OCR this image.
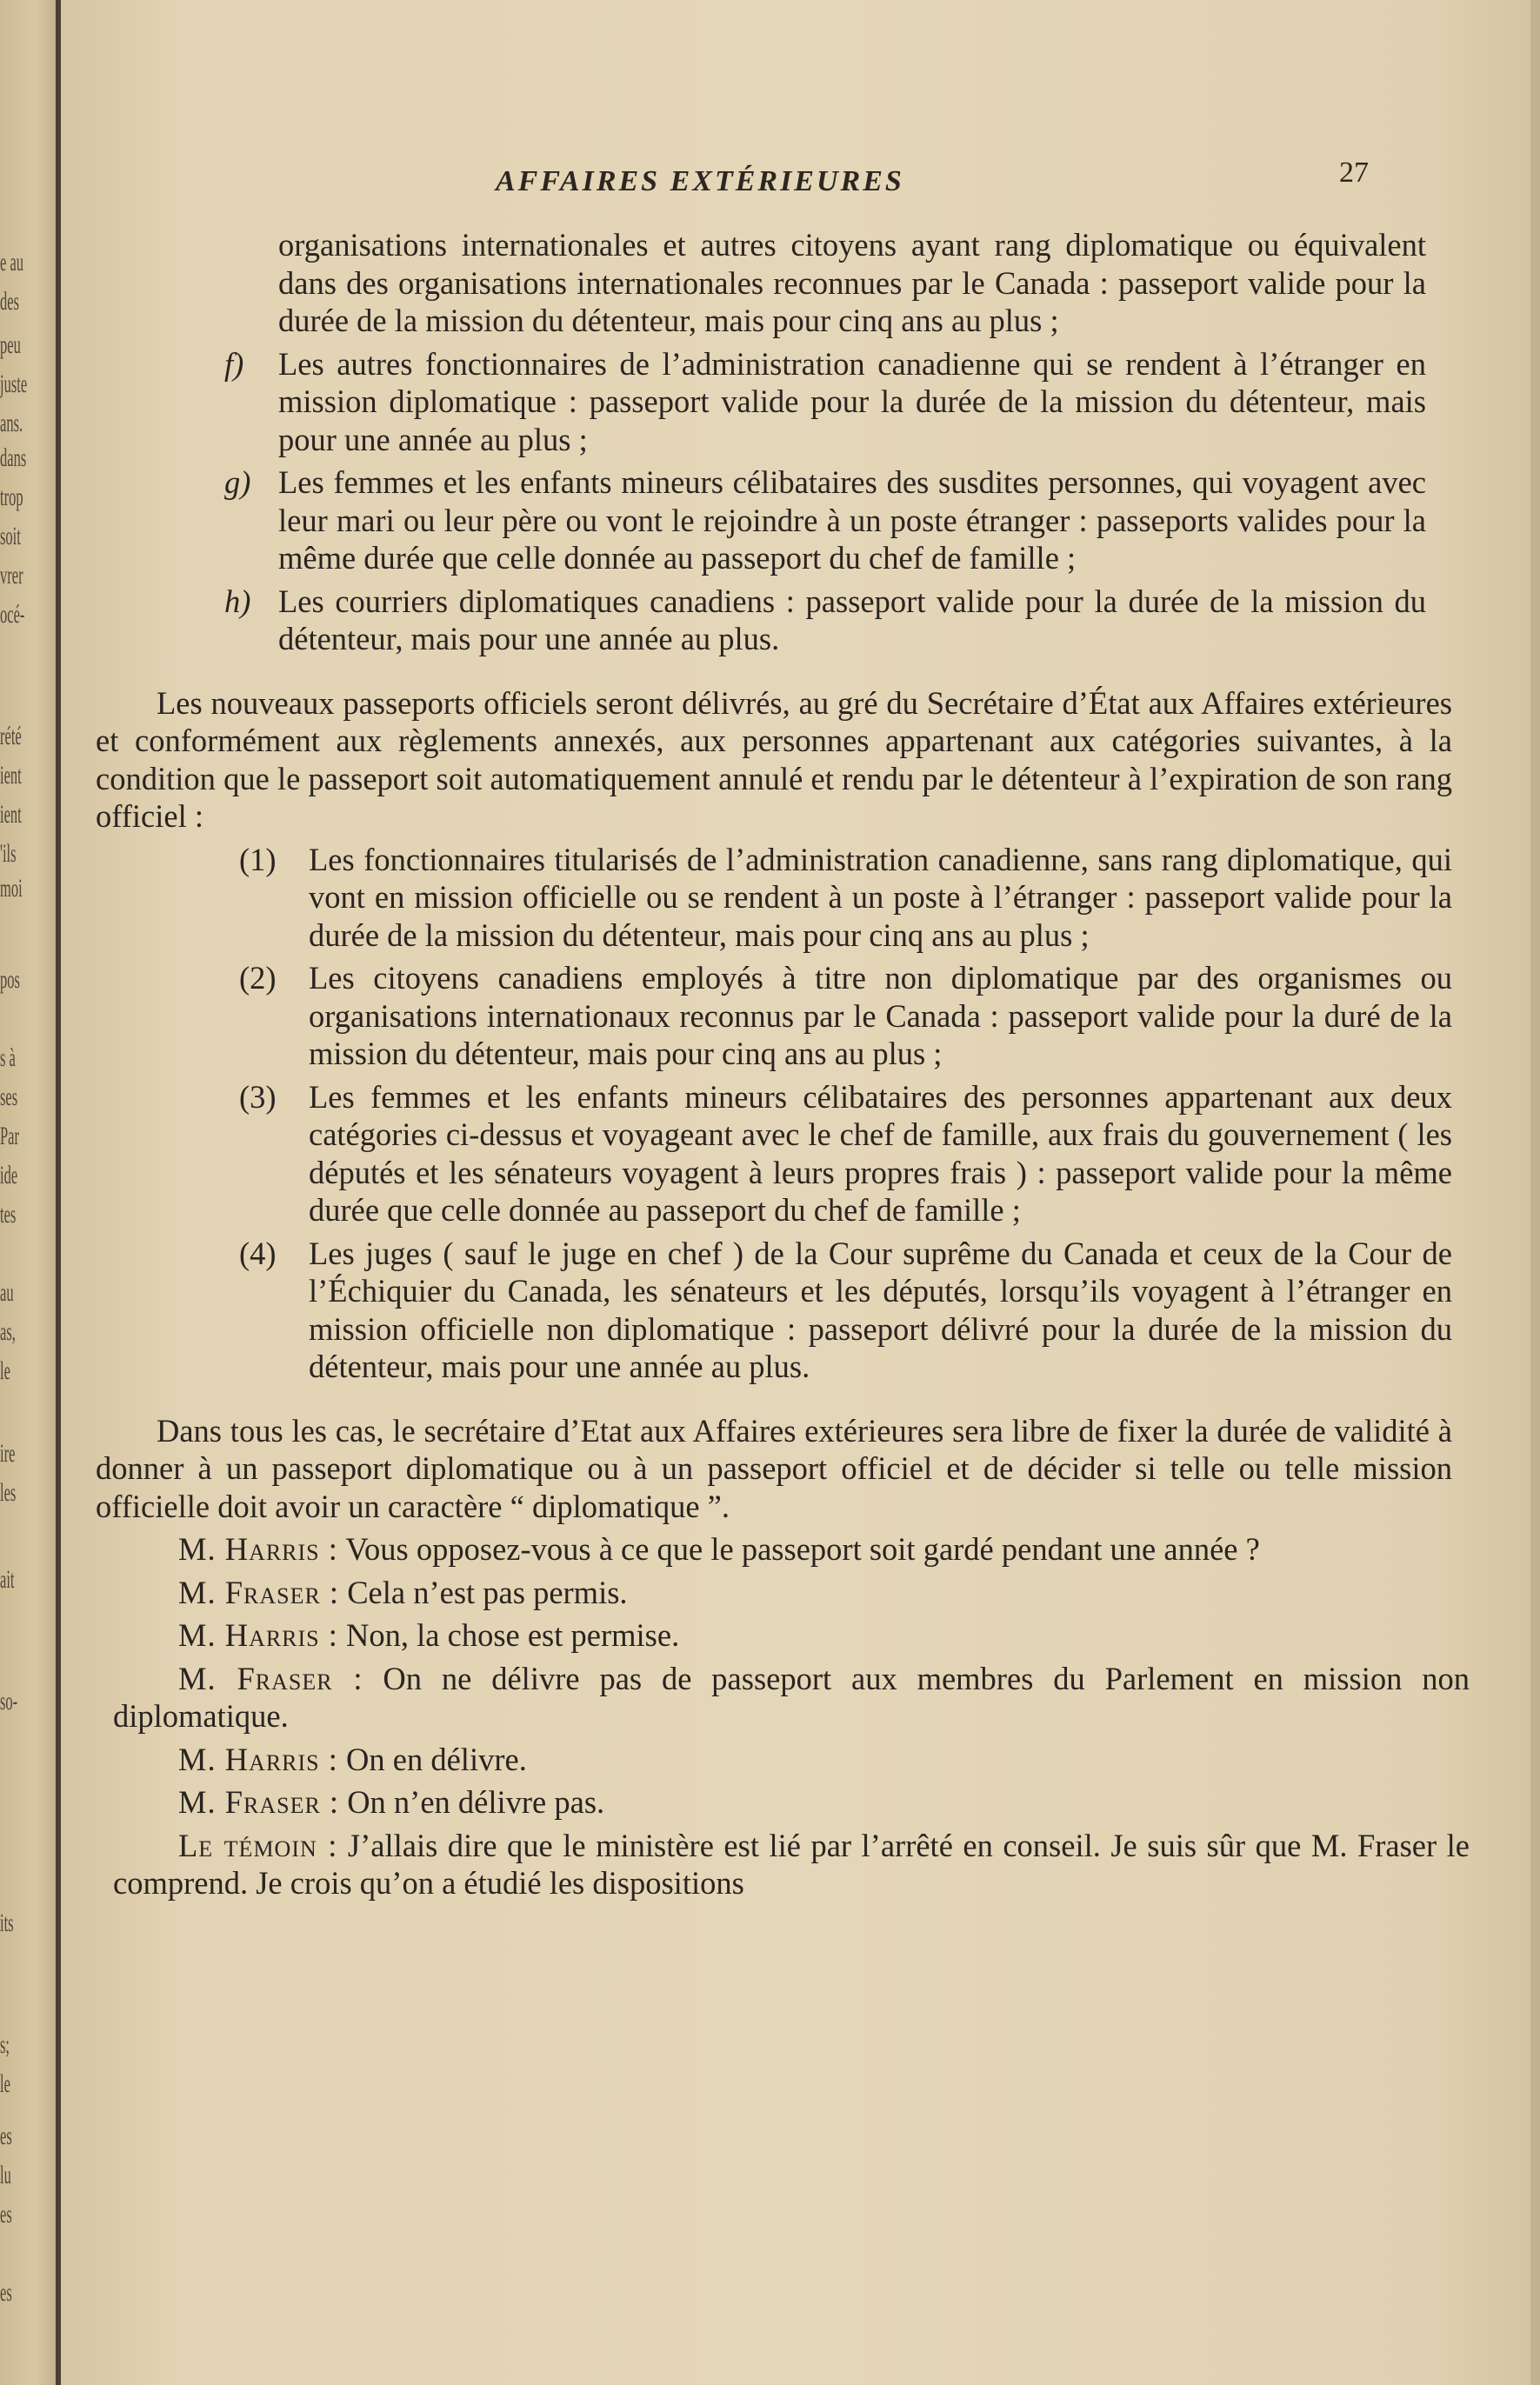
e au
des
peu
juste
ans.
dans
trop
soit
vrer
océ-
rété
ient
ient
'ils
moi
pos
s à
ses
Par
ide
tes
au
as,
le
ire
les
ait
so-
its
s;
le
es
lu
es
es
AFFAIRES EXTÉRIEURES	27

organisations internationales et autres citoyens ayant rang diplomatique ou équivalent dans des organisations internationales reconnues par le Canada : passeport valide pour la durée de la mission du détenteur, mais pour cinq ans au plus ;

f) Les autres fonctionnaires de l’administration canadienne qui se rendent à l’étranger en mission diplomatique : passeport valide pour la durée de la mission du détenteur, mais pour une année au plus ;
g) Les femmes et les enfants mineurs célibataires des susdites personnes, qui voyagent avec leur mari ou leur père ou vont le rejoindre à un poste étranger : passeports valides pour la même durée que celle donnée au passeport du chef de famille ;
h) Les courriers diplomatiques canadiens : passeport valide pour la durée de la mission du détenteur, mais pour une année au plus.

Les nouveaux passeports officiels seront délivrés, au gré du Secrétaire d’État aux Affaires extérieures et conformément aux règlements annexés, aux personnes appartenant aux catégories suivantes, à la condition que le passeport soit automatiquement annulé et rendu par le détenteur à l’expiration de son rang officiel :

(1) Les fonctionnaires titularisés de l’administration canadienne, sans rang diplomatique, qui vont en mission officielle ou se rendent à un poste à l’étranger : passeport valide pour la durée de la mission du détenteur, mais pour cinq ans au plus ;
(2) Les citoyens canadiens employés à titre non diplomatique par des organismes ou organisations internationaux reconnus par le Canada : passeport valide pour la duré de la mission du détenteur, mais pour cinq ans au plus ;
(3) Les femmes et les enfants mineurs célibataires des personnes appartenant aux deux catégories ci-dessus et voyageant avec le chef de famille, aux frais du gouvernement ( les députés et les sénateurs voyagent à leurs propres frais ) : passeport valide pour la même durée que celle donnée au passeport du chef de famille ;
(4) Les juges ( sauf le juge en chef ) de la Cour suprême du Canada et ceux de la Cour de l’Échiquier du Canada, les sénateurs et les députés, lorsqu’ils voyagent à l’étranger en mission officielle non diplomatique : passeport délivré pour la durée de la mission du détenteur, mais pour une année au plus.

Dans tous les cas, le secrétaire d’Etat aux Affaires extérieures sera libre de fixer la durée de validité à donner à un passeport diplomatique ou à un passeport officiel et de décider si telle ou telle mission officielle doit avoir un caractère “ diplomatique ”.

M. Harris : Vous opposez-vous à ce que le passeport soit gardé pendant une année ?

M. Fraser : Cela n’est pas permis.

M. Harris : Non, la chose est permise.

M. Fraser : On ne délivre pas de passeport aux membres du Parlement en mission non diplomatique.

M. Harris : On en délivre.

M. Fraser : On n’en délivre pas.

Le témoin : J’allais dire que le ministère est lié par l’arrêté en conseil. Je suis sûr que M. Fraser le comprend. Je crois qu’on a étudié les dispositions
